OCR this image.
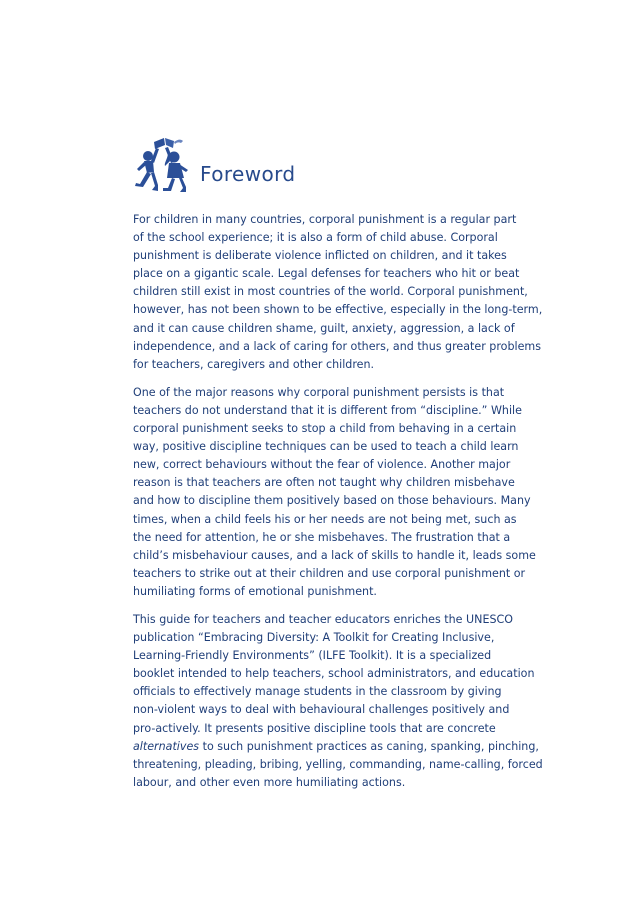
Foreword

For children in many countries, corporal punishment is a regular part
of the school experience; it is also a form of child abuse. Corporal
punishment is deliberate violence inflicted on children, and it takes
place on a gigantic scale. Legal defenses for teachers who hit or beat
children still exist in most countries of the world. Corporal punishment,
however, has not been shown to be effective, especially in the long-term,
and it can cause children shame, guilt, anxiety, aggression, a lack of
independence, and a lack of caring for others, and thus greater problems
for teachers, caregivers and other children.

One of the major reasons why corporal punishment persists is that
teachers do not understand that it is different from “discipline.” While
corporal punishment seeks to stop a child from behaving in a certain
way, positive discipline techniques can be used to teach a child learn
new, correct behaviours without the fear of violence. Another major
reason is that teachers are often not taught why children misbehave
and how to discipline them positively based on those behaviours. Many
times, when a child feels his or her needs are not being met, such as
the need for attention, he or she misbehaves. The frustration that a
child’s misbehaviour causes, and a lack of skills to handle it, leads some
teachers to strike out at their children and use corporal punishment or
humiliating forms of emotional punishment.

This guide for teachers and teacher educators enriches the UNESCO
publication “Embracing Diversity: A Toolkit for Creating Inclusive,
Learning-Friendly Environments” (ILFE Toolkit). It is a specialized
booklet intended to help teachers, school administrators, and education
officials to effectively manage students in the classroom by giving
non-violent ways to deal with behavioural challenges positively and
pro-actively. It presents positive discipline tools that are concrete
alternatives to such punishment practices as caning, spanking, pinching,
threatening, pleading, bribing, yelling, commanding, name-calling, forced
labour, and other even more humiliating actions.
